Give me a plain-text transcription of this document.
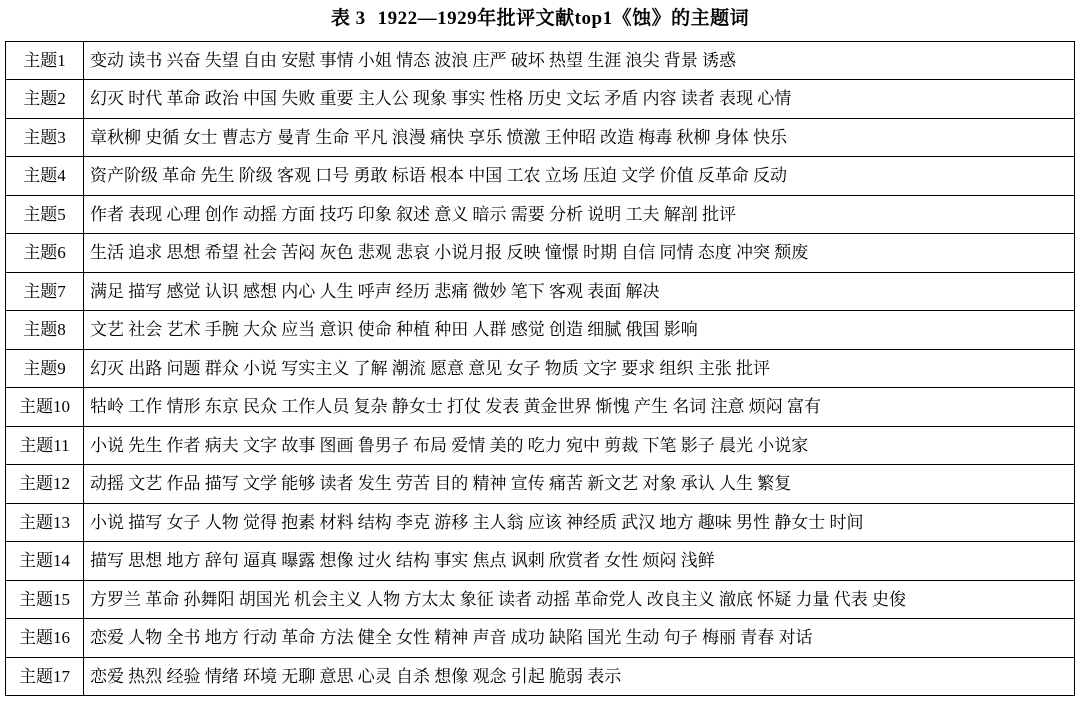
表 3 1922—1929年批评文献top1《蚀》的主题词
主题1	变动 读书 兴奋 失望 自由 安慰 事情 小姐 情态 波浪 庄严 破坏 热望 生涯 浪尖 背景 诱惑
主题2	幻灭 时代 革命 政治 中国 失败 重要 主人公 现象 事实 性格 历史 文坛 矛盾 内容 读者 表现 心情
主题3	章秋柳 史循 女士 曹志方 曼青 生命 平凡 浪漫 痛快 享乐 愤激 王仲昭 改造 梅毒 秋柳 身体 快乐
主题4	资产阶级 革命 先生 阶级 客观 口号 勇敢 标语 根本 中国 工农 立场 压迫 文学 价值 反革命 反动
主题5	作者 表现 心理 创作 动摇 方面 技巧 印象 叙述 意义 暗示 需要 分析 说明 工夫 解剖 批评
主题6	生活 追求 思想 希望 社会 苦闷 灰色 悲观 悲哀 小说月报 反映 憧憬 时期 自信 同情 态度 冲突 颓废
主题7	满足 描写 感觉 认识 感想 内心 人生 呼声 经历 悲痛 微妙 笔下 客观 表面 解决
主题8	文艺 社会 艺术 手腕 大众 应当 意识 使命 种植 种田 人群 感觉 创造 细腻 俄国 影响
主题9	幻灭 出路 问题 群众 小说 写实主义 了解 潮流 愿意 意见 女子 物质 文字 要求 组织 主张 批评
主题10	牯岭 工作 情形 东京 民众 工作人员 复杂 静女士 打仗 发表 黄金世界 惭愧 产生 名词 注意 烦闷 富有
主题11	小说 先生 作者 病夫 文字 故事 图画 鲁男子 布局 爱情 美的 吃力 宛中 剪裁 下笔 影子 晨光 小说家
主题12	动摇 文艺 作品 描写 文学 能够 读者 发生 劳苦 目的 精神 宣传 痛苦 新文艺 对象 承认 人生 繁复
主题13	小说 描写 女子 人物 觉得 抱素 材料 结构 李克 游移 主人翁 应该 神经质 武汉 地方 趣味 男性 静女士 时间
主题14	描写 思想 地方 辞句 逼真 曝露 想像 过火 结构 事实 焦点 讽刺 欣赏者 女性 烦闷 浅鲜
主题15	方罗兰 革命 孙舞阳 胡国光 机会主义 人物 方太太 象征 读者 动摇 革命党人 改良主义 澈底 怀疑 力量 代表 史俊
主题16	恋爱 人物 全书 地方 行动 革命 方法 健全 女性 精神 声音 成功 缺陷 国光 生动 句子 梅丽 青春 对话
主题17	恋爱 热烈 经验 情绪 环境 无聊 意思 心灵 自杀 想像 观念 引起 脆弱 表示
